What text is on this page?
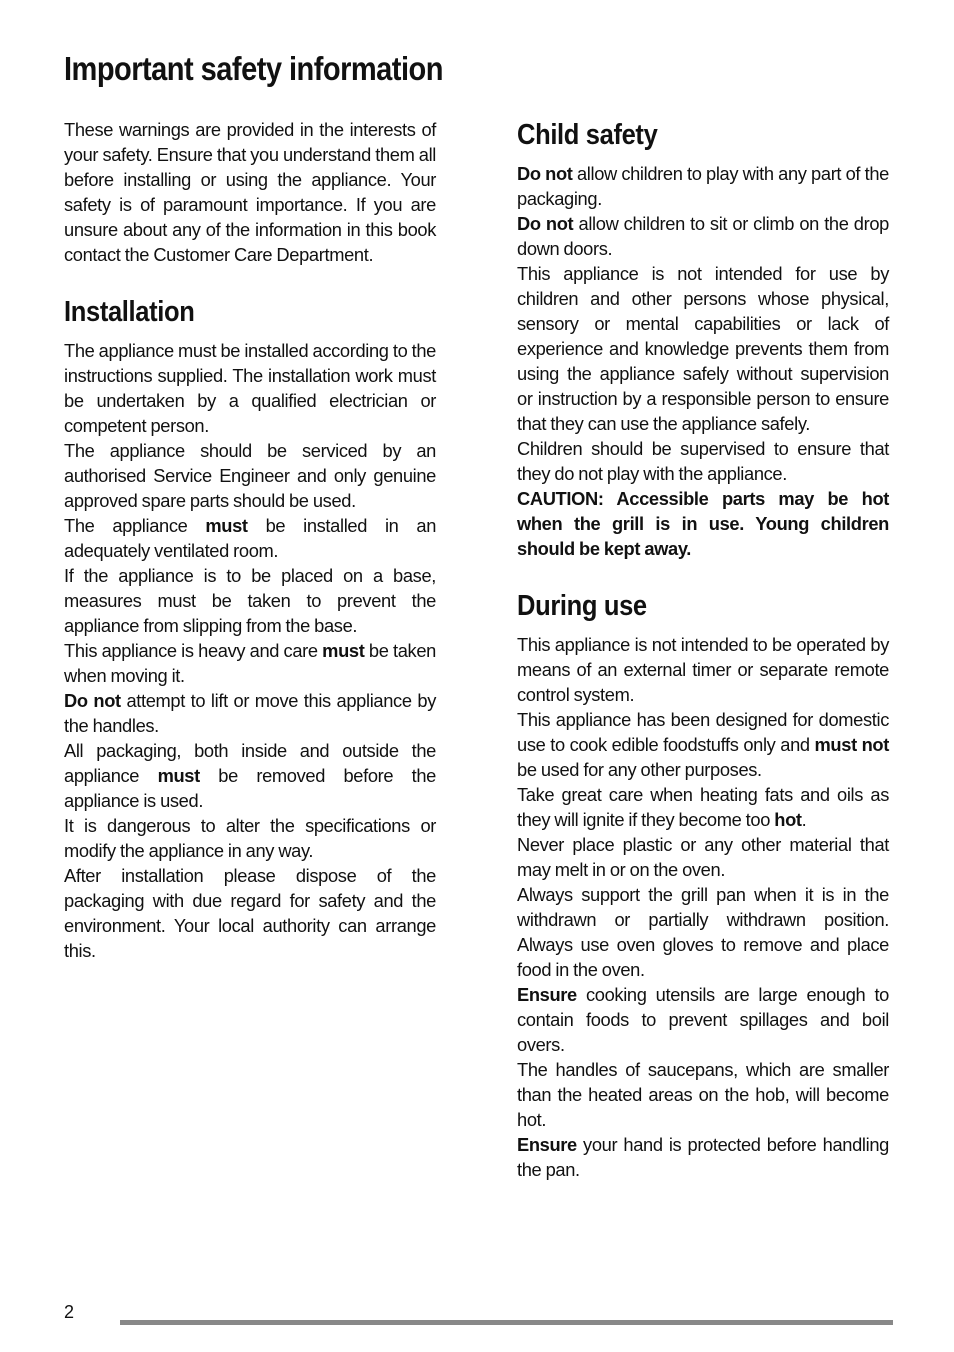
Important safety information

These warnings are provided in the interests of your safety. Ensure that you understand them all before installing or using the appliance. Your safety is of paramount importance. If you are unsure about any of the information in this book contact the Customer Care Department.

Installation

The appliance must be installed according to the instructions supplied. The installation work must be undertaken by a qualified electrician or competent person.

The appliance should be serviced by an authorised Service Engineer and only genuine approved spare parts should be used.

The appliance must be installed in an adequately ventilated room.

If the appliance is to be placed on a base, measures must be taken to prevent the appliance from slipping from the base.

This appliance is heavy and care must be taken when moving it.

Do not attempt to lift or move this appliance by the handles.

All packaging, both inside and outside the appliance must be removed before the appliance is used.

It is dangerous to alter the specifications or modify the appliance in any way.

After installation please dispose of the packaging with due regard for safety and the environment. Your local authority can arrange this.

Child safety

Do not allow children to play with any part of the packaging.

Do not allow children to sit or climb on the drop down doors.

This appliance is not intended for use by children and other persons whose physical, sensory or mental capabilities or lack of experience and knowledge prevents them from using the appliance safely without supervision or instruction by a responsible person to ensure that they can use the appliance safely.

Children should be supervised to ensure that they do not play with the appliance.

CAUTION: Accessible parts may be hot when the grill is in use. Young children should be kept away.

During use

This appliance is not intended to be operated by means of an external timer or separate remote control system.

This appliance has been designed for domestic use to cook edible foodstuffs only and must not be used for any other purposes.

Take great care when heating fats and oils as they will ignite if they become too hot.

Never place plastic or any other material that may melt in or on the oven.

Always support the grill pan when it is in the withdrawn or partially withdrawn position. Always use oven gloves to remove and place food in the oven.

Ensure cooking utensils are large enough to contain foods to prevent spillages and boil overs.

The handles of saucepans, which are smaller than the heated areas on the hob, will become hot.

Ensure your hand is protected before handling the pan.

2
